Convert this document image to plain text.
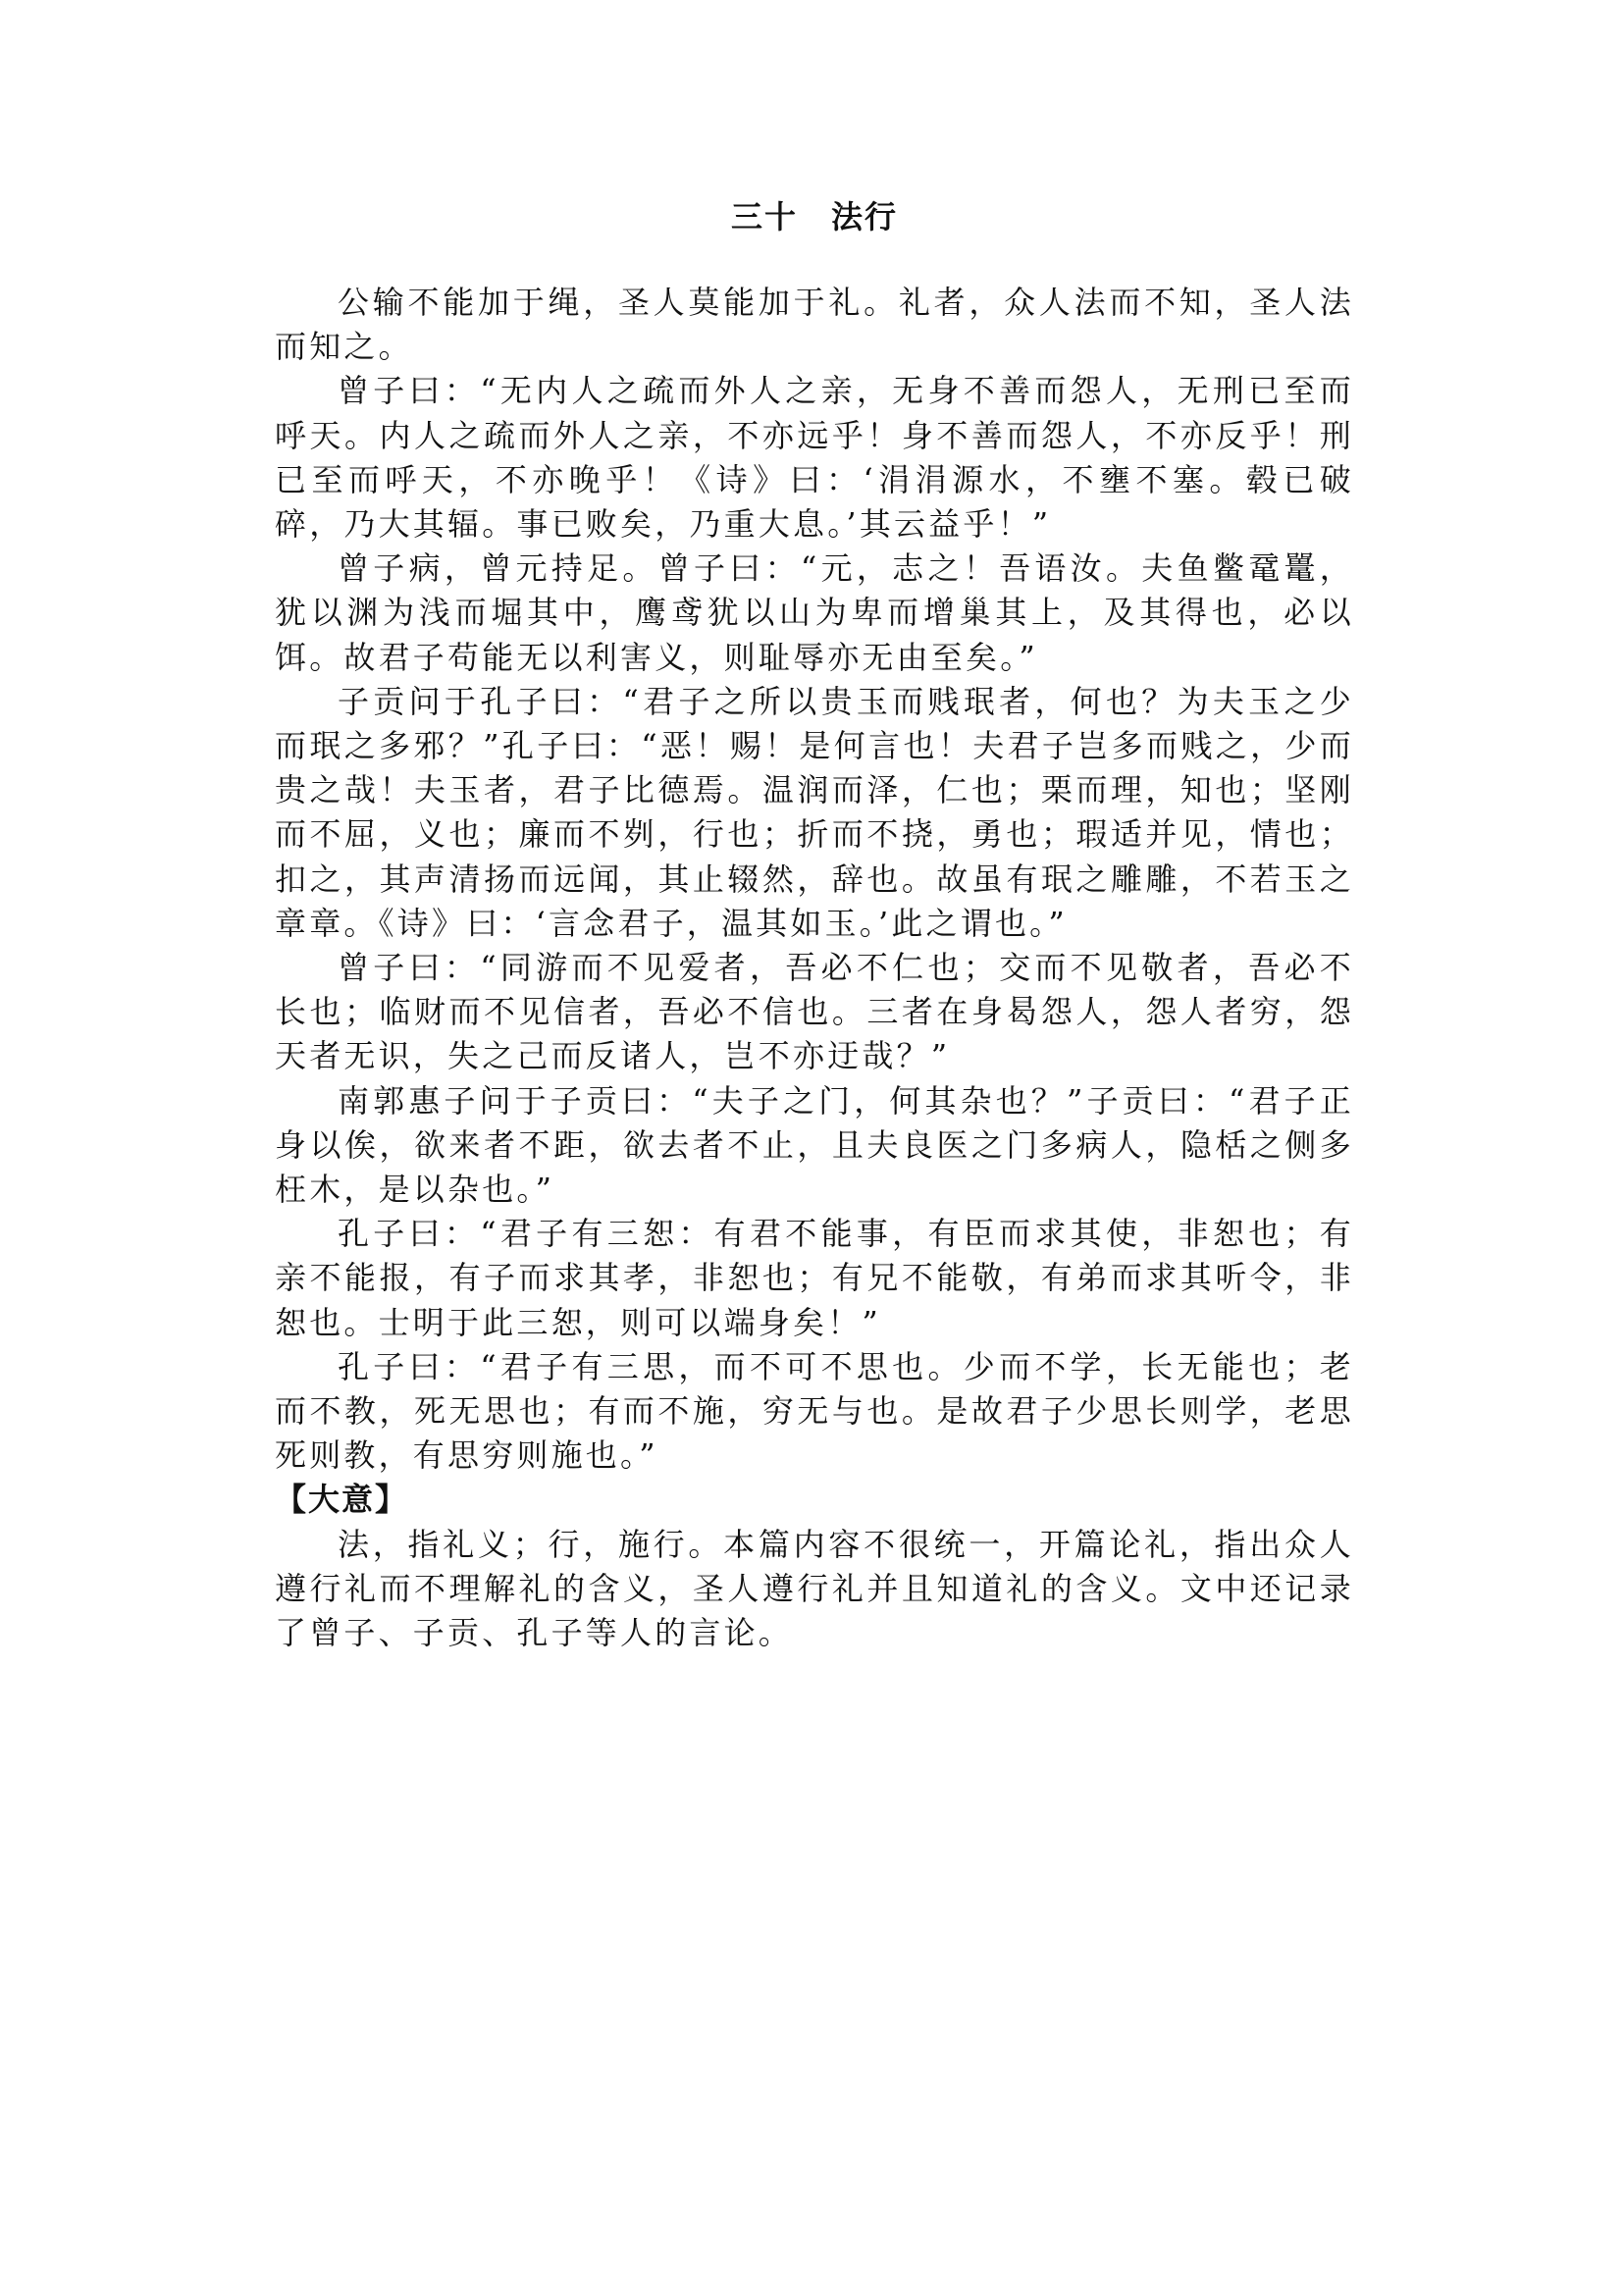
三十　法行

公输不能加于绳，圣人莫能加于礼。礼者，众人法而不知，圣人法而知之。

曾子曰：“无内人之疏而外人之亲，无身不善而怨人，无刑已至而呼天。内人之疏而外人之亲，不亦远乎！身不善而怨人，不亦反乎！刑已至而呼天，不亦晚乎！《诗》曰：‘涓涓源水，不壅不塞。毂已破碎，乃大其辐。事已败矣，乃重大息。’其云益乎！”

曾子病，曾元持足。曾子曰：“元，志之！吾语汝。夫鱼鳖鼋鼍，犹以渊为浅而堀其中，鹰鸢犹以山为卑而增巢其上，及其得也，必以饵。故君子苟能无以利害义，则耻辱亦无由至矣。”

子贡问于孔子曰：“君子之所以贵玉而贱珉者，何也？为夫玉之少而珉之多邪？”孔子曰：“恶！赐！是何言也！夫君子岂多而贱之，少而贵之哉！夫玉者，君子比德焉。温润而泽，仁也；栗而理，知也；坚刚而不屈，义也；廉而不刿，行也；折而不挠，勇也；瑕适并见，情也；扣之，其声清扬而远闻，其止辍然，辞也。故虽有珉之雕雕，不若玉之章章。《诗》曰：‘言念君子，温其如玉。’此之谓也。”

曾子曰：“同游而不见爱者，吾必不仁也；交而不见敬者，吾必不长也；临财而不见信者，吾必不信也。三者在身曷怨人，怨人者穷，怨天者无识，失之己而反诸人，岂不亦迂哉？”

南郭惠子问于子贡曰：“夫子之门，何其杂也？”子贡曰：“君子正身以俟，欲来者不距，欲去者不止，且夫良医之门多病人，隐栝之侧多枉木，是以杂也。”

孔子曰：“君子有三恕：有君不能事，有臣而求其使，非恕也；有亲不能报，有子而求其孝，非恕也；有兄不能敬，有弟而求其听令，非恕也。士明于此三恕，则可以端身矣！”

孔子曰：“君子有三思，而不可不思也。少而不学，长无能也；老而不教，死无思也；有而不施，穷无与也。是故君子少思长则学，老思死则教，有思穷则施也。”

【大意】

法，指礼义；行，施行。本篇内容不很统一，开篇论礼，指出众人遵行礼而不理解礼的含义，圣人遵行礼并且知道礼的含义。文中还记录了曾子、子贡、孔子等人的言论。
